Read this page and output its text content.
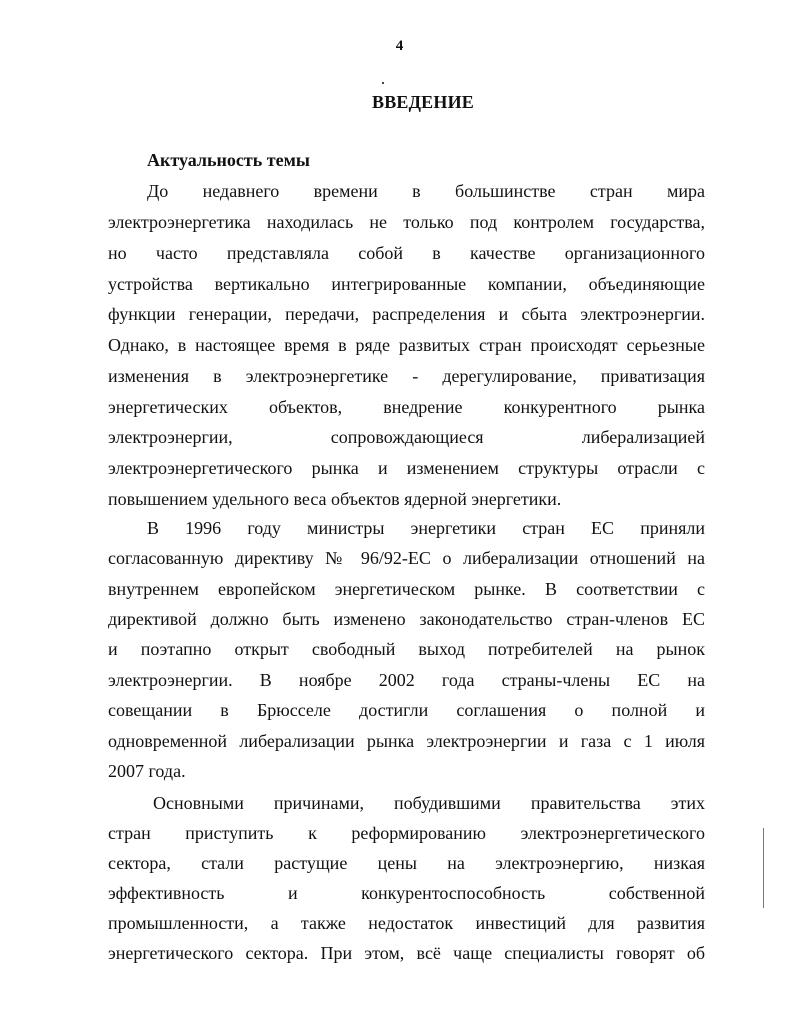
4
ВВЕДЕНИЕ
Актуальность темы
До недавнего времени в большинстве стран мира
электроэнергетика находилась не только под контролем государства,
но часто представляла собой в качестве организационного
устройства вертикально интегрированные компании, объединяющие
функции генерации, передачи, распределения и сбыта электроэнергии.
Однако, в настоящее время в ряде развитых стран происходят серьезные
изменения в электроэнергетике - дерегулирование, приватизация
энергетических объектов, внедрение конкурентного рынка
электроэнергии, сопровождающиеся либерализацией
электроэнергетического рынка и изменением структуры отрасли с
повышением удельного веса объектов ядерной энергетики.
В 1996 году министры энергетики стран ЕС приняли
согласованную директиву № 96/92-ЕС о либерализации отношений на
внутреннем европейском энергетическом рынке. В соответствии с
директивой должно быть изменено законодательство стран-членов ЕС
и поэтапно открыт свободный выход потребителей на рынок
электроэнергии. В ноябре 2002 года страны-члены ЕС на
совещании в Брюсселе достигли соглашения о полной и
одновременной либерализации рынка электроэнергии и газа с 1 июля
2007 года.
Основными причинами, побудившими правительства этих
стран приступить к реформированию электроэнергетического
сектора, стали растущие цены на электроэнергию, низкая
эффективность и конкурентоспособность собственной
промышленности, а также недостаток инвестиций для развития
энергетического сектора. При этом, всё чаще специалисты говорят об
